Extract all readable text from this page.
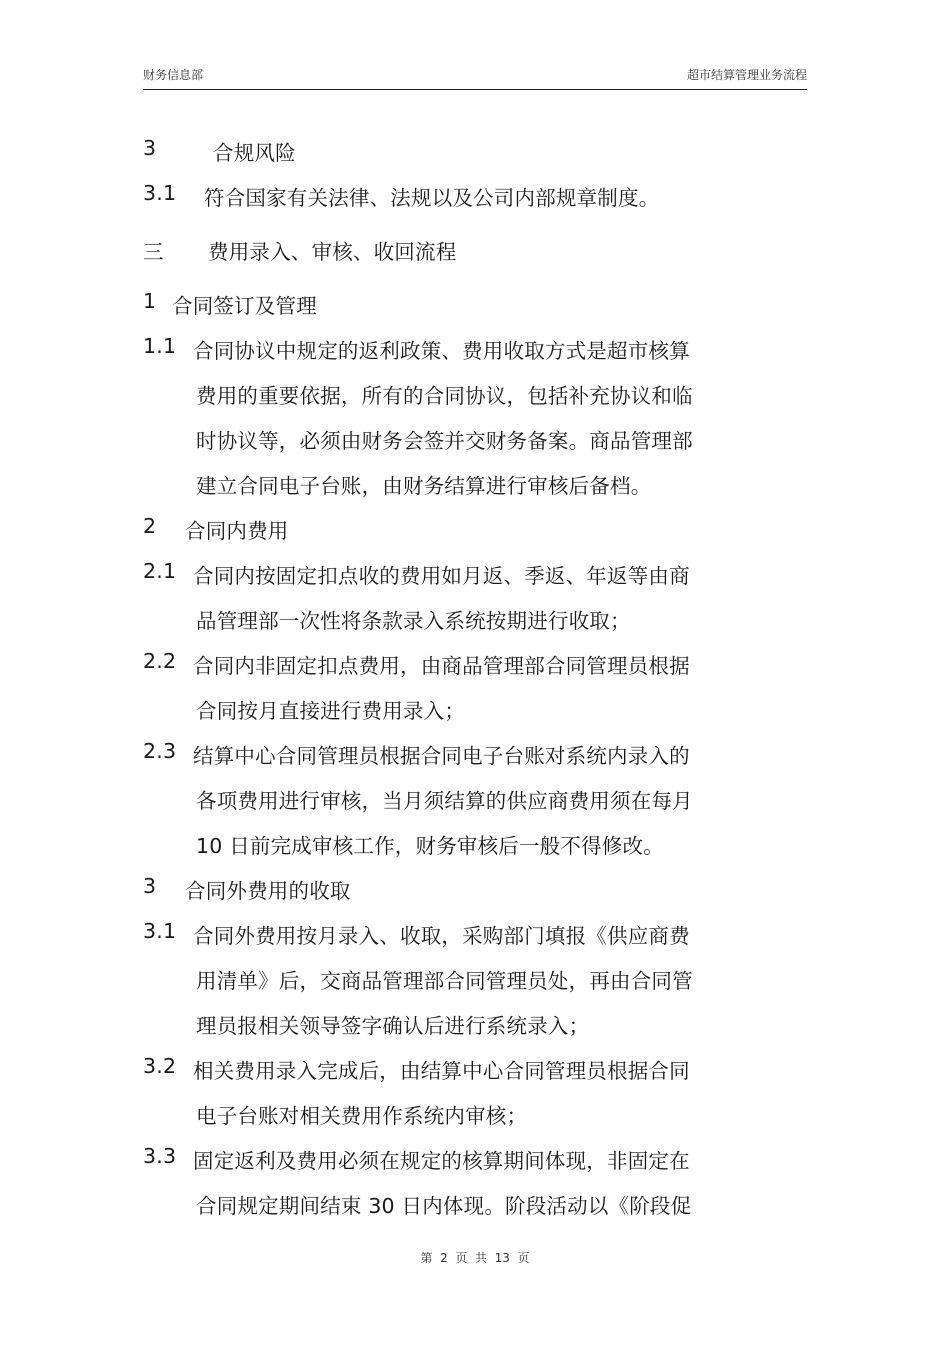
财务信息部	超市结算管理业务流程
3	合规风险
3.1 符合国家有关法律、法规以及公司内部规章制度。
三 费用录入、审核、收回流程
1 合同签订及管理
1.1 合同协议中规定的返利政策、费用收取方式是超市核算
费用的重要依据，所有的合同协议，包括补充协议和临
时协议等，必须由财务会签并交财务备案。商品管理部
建立合同电子台账，由财务结算进行审核后备档。
2 合同内费用
2.1 合同内按固定扣点收的费用如月返、季返、年返等由商
品管理部一次性将条款录入系统按期进行收取；
2.2 合同内非固定扣点费用，由商品管理部合同管理员根据
合同按月直接进行费用录入；
2.3 结算中心合同管理员根据合同电子台账对系统内录入的
各项费用进行审核，当月须结算的供应商费用须在每月
10 日前完成审核工作，财务审核后一般不得修改。
3 合同外费用的收取
3.1 合同外费用按月录入、收取，采购部门填报《供应商费
用清单》后，交商品管理部合同管理员处，再由合同管
理员报相关领导签字确认后进行系统录入；
3.2 相关费用录入完成后，由结算中心合同管理员根据合同
电子台账对相关费用作系统内审核；
3.3 固定返利及费用必须在规定的核算期间体现，非固定在
合同规定期间结束 30 日内体现。阶段活动以《阶段促
第  2  页  共  13  页
